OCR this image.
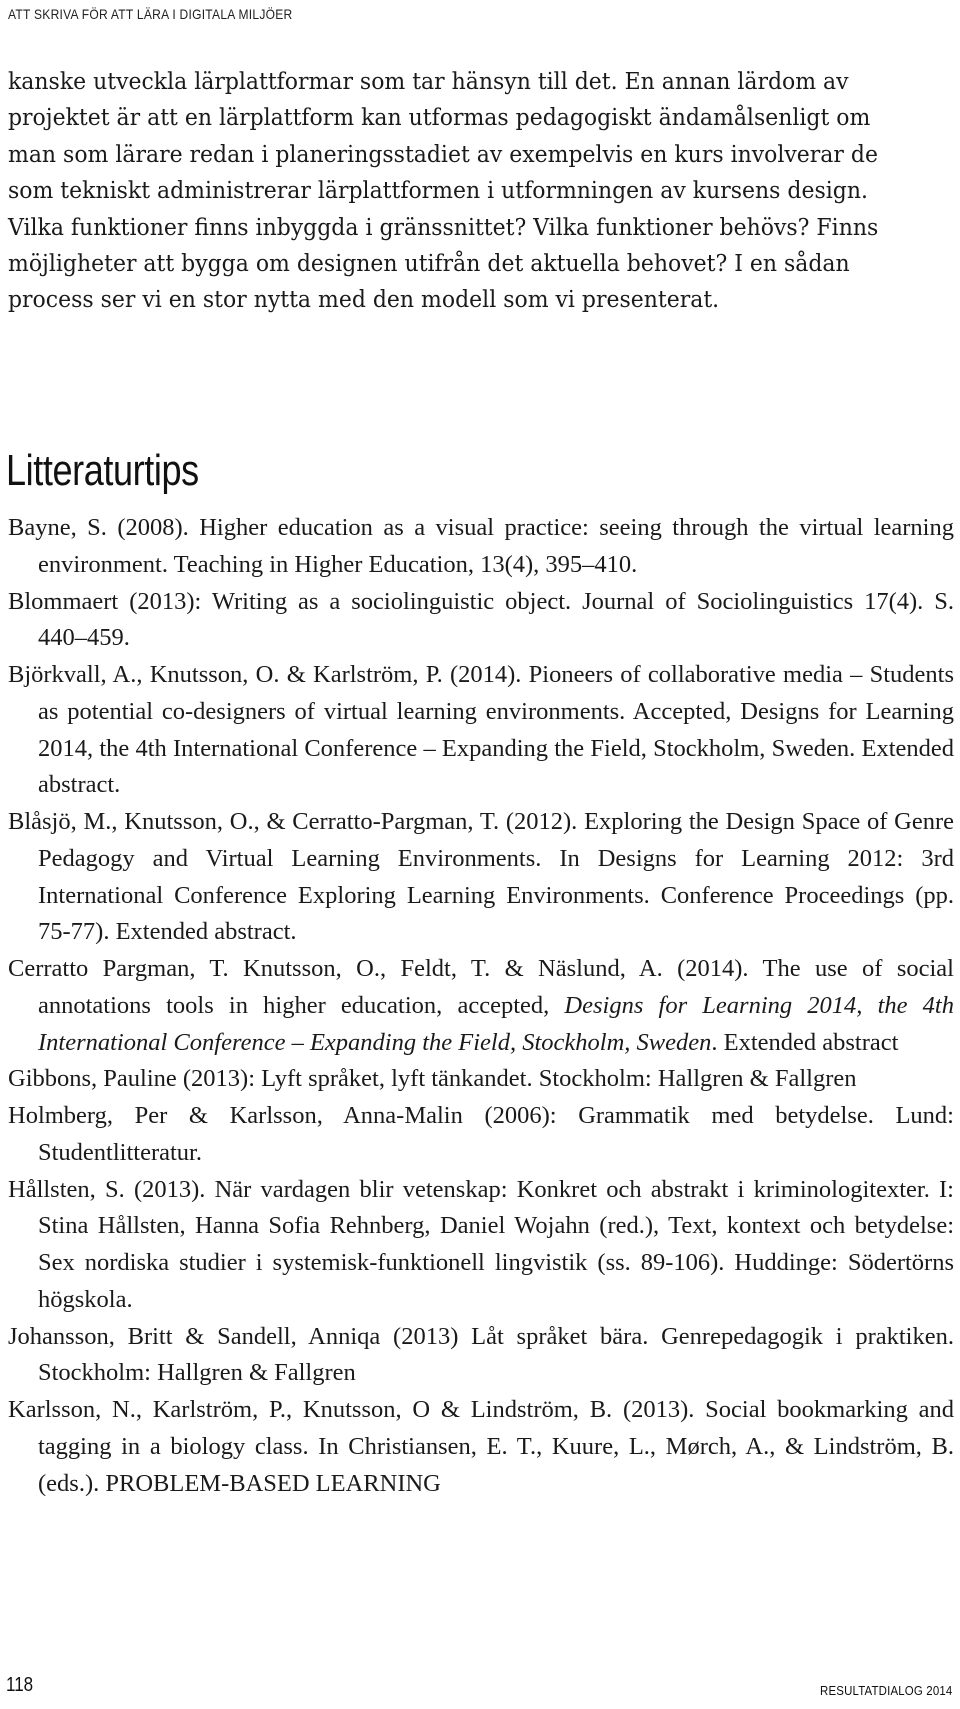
ATT SKRIVA FÖR ATT LÄRA I DIGITALA MILJÖER

kanske utveckla lärplattformar som tar hänsyn till det. En annan lärdom av projektet är att en lärplattform kan utformas pedagogiskt ändamålsenligt om man som lärare redan i planeringsstadiet av exempelvis en kurs involverar de som tekniskt administrerar lärplattformen i utformningen av kursens design. Vilka funktioner finns inbyggda i gränssnittet? Vilka funktioner behövs? Finns möjligheter att bygga om designen utifrån det aktuella behovet? I en sådan process ser vi en stor nytta med den modell som vi presenterat.

Litteraturtips

Bayne, S. (2008). Higher education as a visual practice: seeing through the virtual learning environment. Teaching in Higher Education, 13(4), 395–410.

Blommaert (2013): Writing as a sociolinguistic object. Journal of Sociolinguistics 17(4). S. 440–459.

Björkvall, A., Knutsson, O. & Karlström, P. (2014). Pioneers of collaborative media – Students as potential co-designers of virtual learning environments. Accepted, Designs for Learning 2014, the 4th International Conference – Expanding the Field, Stockholm, Sweden. Extended abstract.

Blåsjö, M., Knutsson, O., & Cerratto-Pargman, T. (2012). Exploring the Design Space of Genre Pedagogy and Virtual Learning Environments. In Designs for Learning 2012: 3rd International Conference Exploring Learning Environments. Conference Proceedings (pp. 75-77). Extended abstract.

Cerratto Pargman, T. Knutsson, O., Feldt, T. & Näslund, A. (2014). The use of social annotations tools in higher education, accepted, Designs for Learning 2014, the 4th International Conference – Expanding the Field, Stockholm, Sweden. Extended abstract

Gibbons, Pauline (2013): Lyft språket, lyft tänkandet. Stockholm: Hallgren & Fallgren

Holmberg, Per & Karlsson, Anna-Malin (2006): Grammatik med betydelse. Lund: Studentlitteratur.

Hållsten, S. (2013). När vardagen blir vetenskap: Konkret och abstrakt i kriminologitexter. I: Stina Hållsten, Hanna Sofia Rehnberg, Daniel Wojahn (red.), Text, kontext och betydelse: Sex nordiska studier i systemisk-funktionell lingvistik (ss. 89-106). Huddinge: Södertörns högskola.

Johansson, Britt & Sandell, Anniqa (2013) Låt språket bära. Genrepedagogik i praktiken. Stockholm: Hallgren & Fallgren

Karlsson, N., Karlström, P., Knutsson, O & Lindström, B. (2013). Social bookmarking and tagging in a biology class. In Christiansen, E. T., Kuure, L., Mørch, A., & Lindström, B. (eds.). PROBLEM-BASED LEARNING

118	RESULTATDIALOG 2014
